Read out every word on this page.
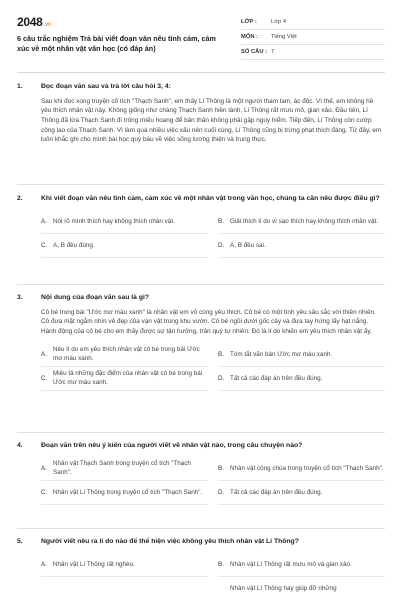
2048.vn
6 câu trắc nghiệm Trả bài viết đoạn văn nêu tình cảm, cảm xúc về một nhân vật văn học (có đáp án)
LỚP :	Lớp 4
MÔN :	Tiếng Việt
SỐ CÂU : 7
1.	Đọc đoạn văn sau và trả lời câu hỏi 3, 4:
Sau khi đọc xong truyện cổ tích "Thạch Sanh", em thấy Lí Thông là một người tham lam, ác độc. Vì thế, em không hề yêu thích nhân vật này. Không giống như chàng Thạch Sanh hiền lành, Lí Thông rất mưu mô, gian xảo. Đầu tiên, Lí Thông đã lừa Thạch Sanh đi trông miếu hoang để bản thân không phải gặp nguy hiểm. Tiếp đến, Lí Thông còn cướp công lao của Thạch Sanh. Vì làm quá nhiều việc xấu nên cuối cùng, Lí Thông cũng bị trừng phạt thích đáng. Từ đây, em luôn khắc ghi cho mình bài học quý báu về việc sống lương thiện và trung thực.
2.	Khi viết đoạn văn nêu tình cảm, cảm xúc về một nhân vật trong văn học, chúng ta cần nêu được điều gì?
A. Nói rõ mình thích hay không thích nhân vật.	B. Giải thích lí do vì sao thích hay không thích nhân vật.
C. A, B đều đúng.	D. A, B đều sai.
3.	Nội dung của đoạn văn sau là gì?
Cô bé trong bài "Ước mơ màu xanh" là nhân vật em vô cùng yêu thích. Cô bé có một tình yêu sâu sắc với thiên nhiên. Cô đưa mặt ngắm nhìn vẻ đẹp của vạn vật trong khu vườn. Cô bé ngồi dưới gốc cây và đưa tay hứng lấy hạt nắng. Hành động của cô bé cho em thấy được sự tận hưởng, trân quý tự nhiên. Đó là lí do khiến em yêu thích nhân vật ấy.
A.
Nêu lí do em yêu thích nhân vật cô bé trong bài Ước mơ màu xanh.
B. Tóm tắt văn bản Ước mơ màu xanh.
C.
Miêu tả những đặc điểm của nhân vật cô bé trong bài Ước mơ màu xanh.
D. Tất cả các đáp án trên đều đúng.
4.	Đoạn văn trên nêu ý kiến của người viết về nhân vật nào, trong câu chuyện nào?
A.
Nhân vật Thạch Sanh trong truyện cổ tích "Thạch Sanh".
B. Nhân vật công chúa trong truyện cổ tích "Thạch Sanh".
C. Nhân vật Lí Thông trong truyện cổ tích "Thạch Sanh".	D. Tất cả các đáp án trên đều đúng.
5.	Người viết nêu ra lí do nào để thể hiện việc không yêu thích nhân vật Lí Thông?
A. Nhân vật Lí Thông rất nghèo.	B. Nhân vật Lí Thông rất mưu mô và gian xảo.
Nhân vật Lí Thông hay giúp đỡ những
